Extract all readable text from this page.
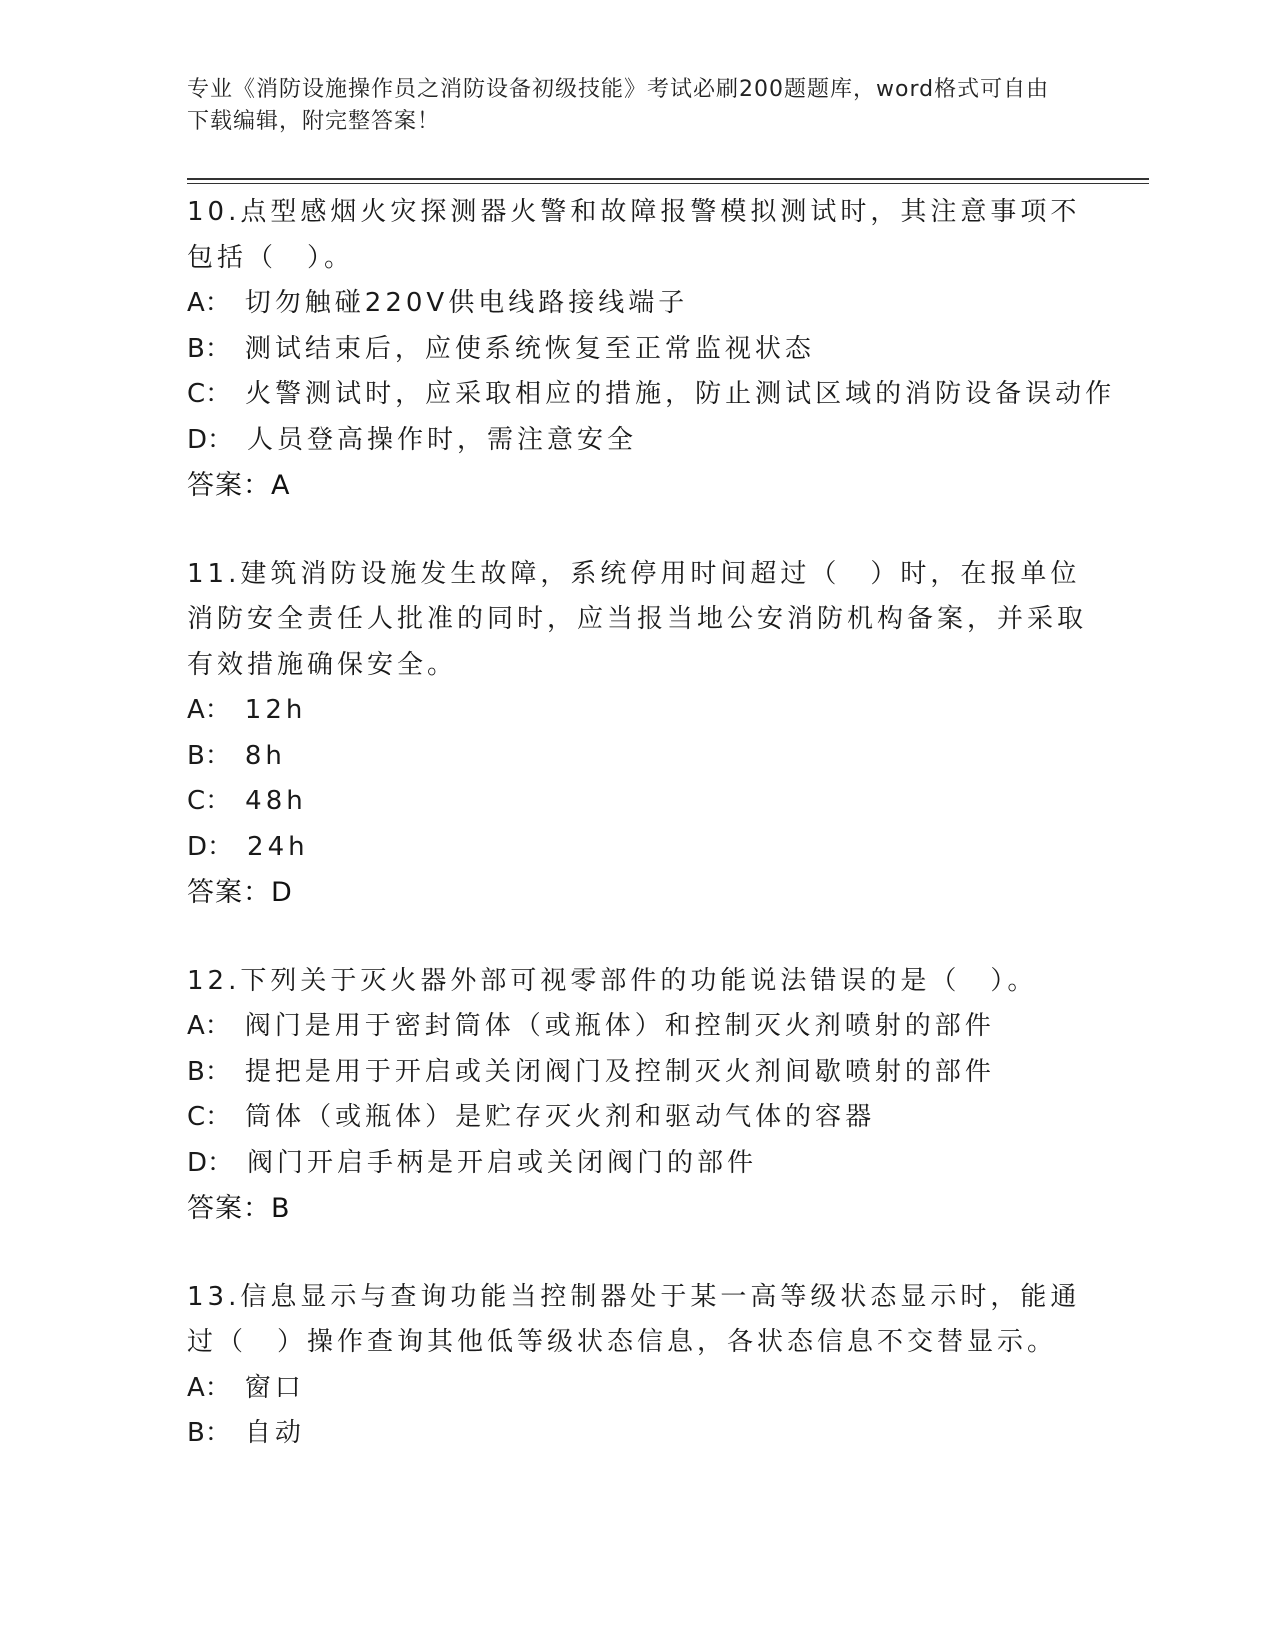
专业《消防设施操作员之消防设备初级技能》考试必刷200题题库，word格式可自由下载编辑，附完整答案！
10.点型感烟火灾探测器火警和故障报警模拟测试时，其注意事项不包括（　）。
A： 切勿触碰220V供电线路接线端子
B： 测试结束后，应使系统恢复至正常监视状态
C： 火警测试时，应采取相应的措施，防止测试区域的消防设备误动作
D： 人员登高操作时，需注意安全
答案：A
11.建筑消防设施发生故障，系统停用时间超过（　）时，在报单位消防安全责任人批准的同时，应当报当地公安消防机构备案，并采取有效措施确保安全。
A： 12h
B： 8h
C： 48h
D： 24h
答案：D
12.下列关于灭火器外部可视零部件的功能说法错误的是（　）。
A： 阀门是用于密封筒体（或瓶体）和控制灭火剂喷射的部件
B： 提把是用于开启或关闭阀门及控制灭火剂间歇喷射的部件
C： 筒体（或瓶体）是贮存灭火剂和驱动气体的容器
D： 阀门开启手柄是开启或关闭阀门的部件
答案：B
13.信息显示与查询功能当控制器处于某一高等级状态显示时，能通过（　）操作查询其他低等级状态信息，各状态信息不交替显示。
A： 窗口
B： 自动
